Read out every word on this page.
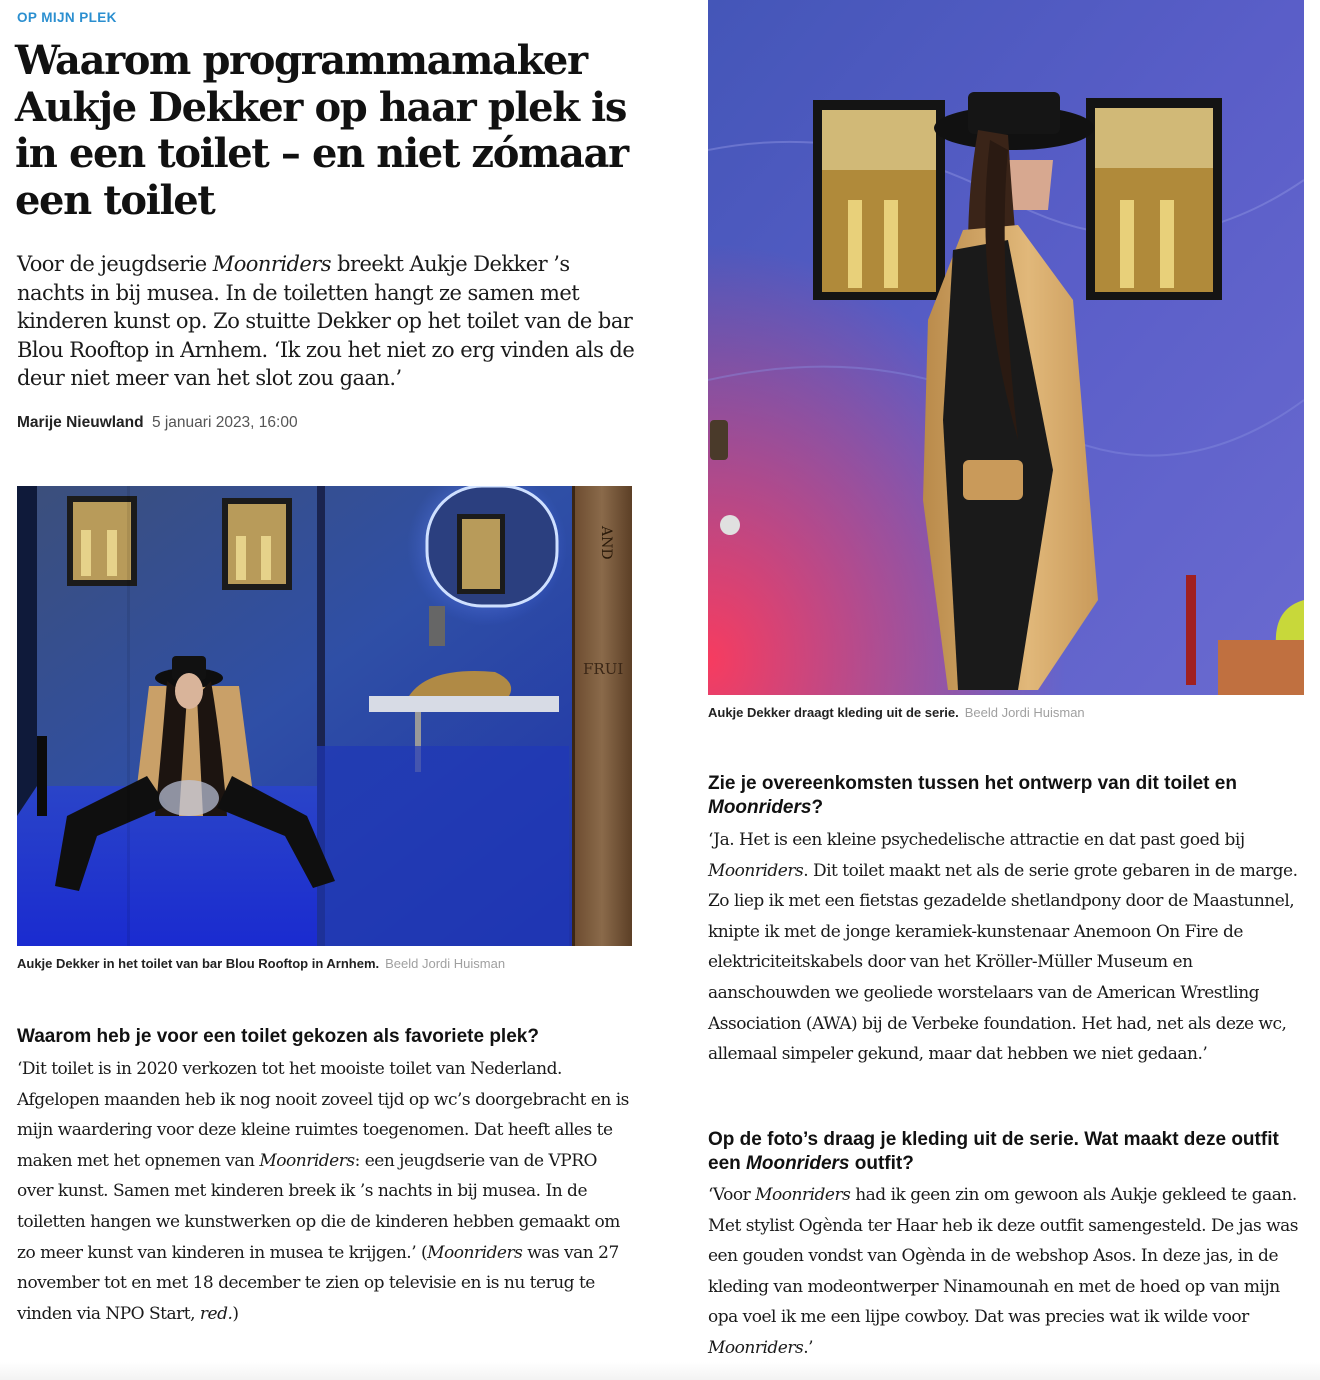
OP MIJN PLEK
Waarom programmamaker Aukje Dekker op haar plek is in een toilet – en niet zómaar een toilet

Voor de jeugdserie Moonriders breekt Aukje Dekker ’s nachts in bij musea. In de toiletten hangt ze samen met kinderen kunst op. Zo stuitte Dekker op het toilet van de bar Blou Rooftop in Arnhem. ‘Ik zou het niet zo erg vinden als de deur niet meer van het slot zou gaan.’

Marije Nieuwland 5 januari 2023, 16:00
AND
FRUI
Aukje Dekker in het toilet van bar Blou Rooftop in Arnhem. Beeld Jordi Huisman
Waarom heb je voor een toilet gekozen als favoriete plek?

‘Dit toilet is in 2020 verkozen tot het mooiste toilet van Nederland. Afgelopen maanden heb ik nog nooit zoveel tijd op wc’s doorgebracht en is mijn waardering voor deze kleine ruimtes toegenomen. Dat heeft alles te maken met het opnemen van Moonriders: een jeugdserie van de VPRO over kunst. Samen met kinderen breek ik ’s nachts in bij musea. In de toiletten hangen we kunstwerken op die de kinderen hebben gemaakt om zo meer kunst van kinderen in musea te krijgen.’ (Moonriders was van 27 november tot en met 18 december te zien op televisie en is nu terug te vinden via NPO Start, red.)

Aukje Dekker draagt kleding uit de serie. Beeld Jordi Huisman
Zie je overeenkomsten tussen het ontwerp van dit toilet en Moonriders?

‘Ja. Het is een kleine psychedelische attractie en dat past goed bij Moonriders. Dit toilet maakt net als de serie grote gebaren in de marge. Zo liep ik met een fietstas gezadelde shetlandpony door de Maastunnel, knipte ik met de jonge keramiek-kunstenaar Anemoon On Fire de elektriciteitskabels door van het Kröller-Müller Museum en aanschouwden we geoliede worstelaars van de American Wrestling Association (AWA) bij de Verbeke foundation. Het had, net als deze wc, allemaal simpeler gekund, maar dat hebben we niet gedaan.’

Op de foto’s draag je kleding uit de serie. Wat maakt deze outfit een Moonriders outfit?

‘Voor Moonriders had ik geen zin om gewoon als Aukje gekleed te gaan. Met stylist Ogènda ter Haar heb ik deze outfit samengesteld. De jas was een gouden vondst van Ogènda in de webshop Asos. In deze jas, in de kleding van modeontwerper Ninamounah en met de hoed op van mijn opa voel ik me een lijpe cowboy. Dat was precies wat ik wilde voor Moonriders.’
